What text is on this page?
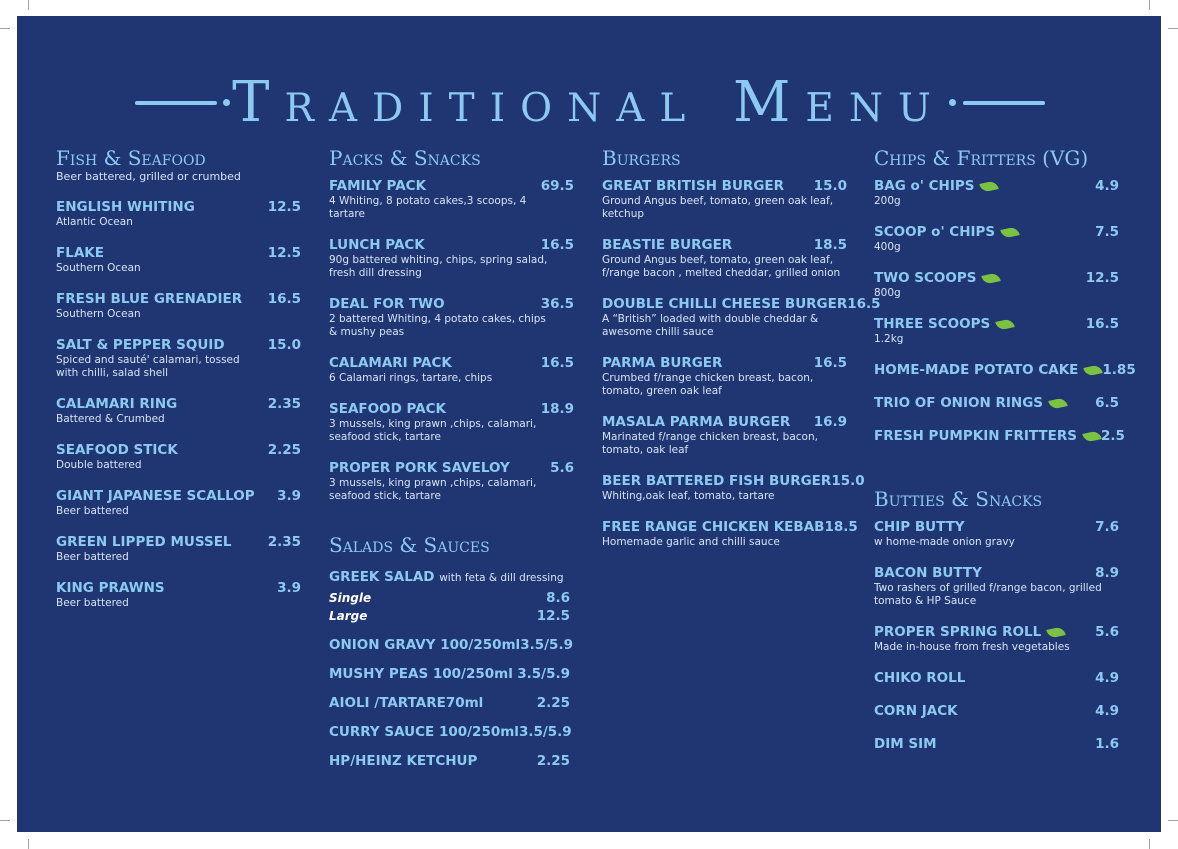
Traditional Menu
Fish & Seafood
Beer battered, grilled or crumbed
ENGLISH WHITING	12.5
Atlantic Ocean
FLAKE	12.5
Southern Ocean
FRESH BLUE GRENADIER 16.5
Southern Ocean
SALT & PEPPER SQUID	15.0
Spiced and sauté' calamari, tossed with chilli, salad shell
CALAMARI RING	2.35
Battered & Crumbed
SEAFOOD STICK	2.25
Double battered
GIANT JAPANESE SCALLOP 3.9
Beer battered
GREEN LIPPED MUSSEL	2.35
Beer battered
KING PRAWNS	3.9
Beer battered
Packs & Snacks
FAMILY PACK	69.5
4 Whiting, 8 potato cakes,3 scoops, 4 tartare
LUNCH PACK	16.5
90g battered whiting, chips, spring salad, fresh dill dressing
DEAL FOR TWO	36.5
2 battered Whiting, 4 potato cakes, chips & mushy peas
CALAMARI PACK	16.5
6 Calamari rings, tartare, chips
SEAFOOD PACK	18.9
3 mussels, king prawn ,chips, calamari, seafood stick, tartare
PROPER PORK SAVELOY	5.6
3 mussels, king prawn ,chips, calamari, seafood stick, tartare
Salads & Sauces
GREEK SALAD with feta & dill dressing
Single	8.6
Large	12.5
ONION GRAVY 100/250ml 3.5/5.9
MUSHY PEAS 100/250ml 3.5/5.9
AIOLI /TARTARE70ml	2.25
CURRY SAUCE 100/250ml 3.5/5.9
HP/HEINZ KETCHUP	2.25
Burgers
GREAT BRITISH BURGER 15.0
Ground Angus beef, tomato, green oak leaf, ketchup
BEASTIE BURGER	18.5
Ground Angus beef, tomato, green oak leaf, f/range bacon , melted cheddar, grilled onion
DOUBLE CHILLI CHEESE BURGER 16.5
A “British” loaded with double cheddar & awesome chilli sauce
PARMA BURGER	16.5
Crumbed f/range chicken breast, bacon, tomato, green oak leaf
MASALA PARMA BURGER 16.9
Marinated f/range chicken breast, bacon, tomato, oak leaf
BEER BATTERED FISH BURGER 15.0
Whiting,oak leaf, tomato, tartare
FREE RANGE CHICKEN KEBAB 18.5
Homemade garlic and chilli sauce
Chips & Fritters (VG)
BAG o' CHIPS	4.9
200g
SCOOP o' CHIPS	7.5
400g
TWO SCOOPS	12.5
800g
THREE SCOOPS	16.5
1.2kg
HOME-MADE POTATO CAKE	1.85
TRIO OF ONION RINGS	6.5
FRESH PUMPKIN FRITTERS	2.5
Butties & Snacks
CHIP BUTTY	7.6
w home-made onion gravy
BACON BUTTY	8.9
Two rashers of grilled f/range bacon, grilled tomato & HP Sauce
PROPER SPRING ROLL	5.6
Made in-house from fresh vegetables
CHIKO ROLL	4.9
CORN JACK	4.9
DIM SIM	1.6
